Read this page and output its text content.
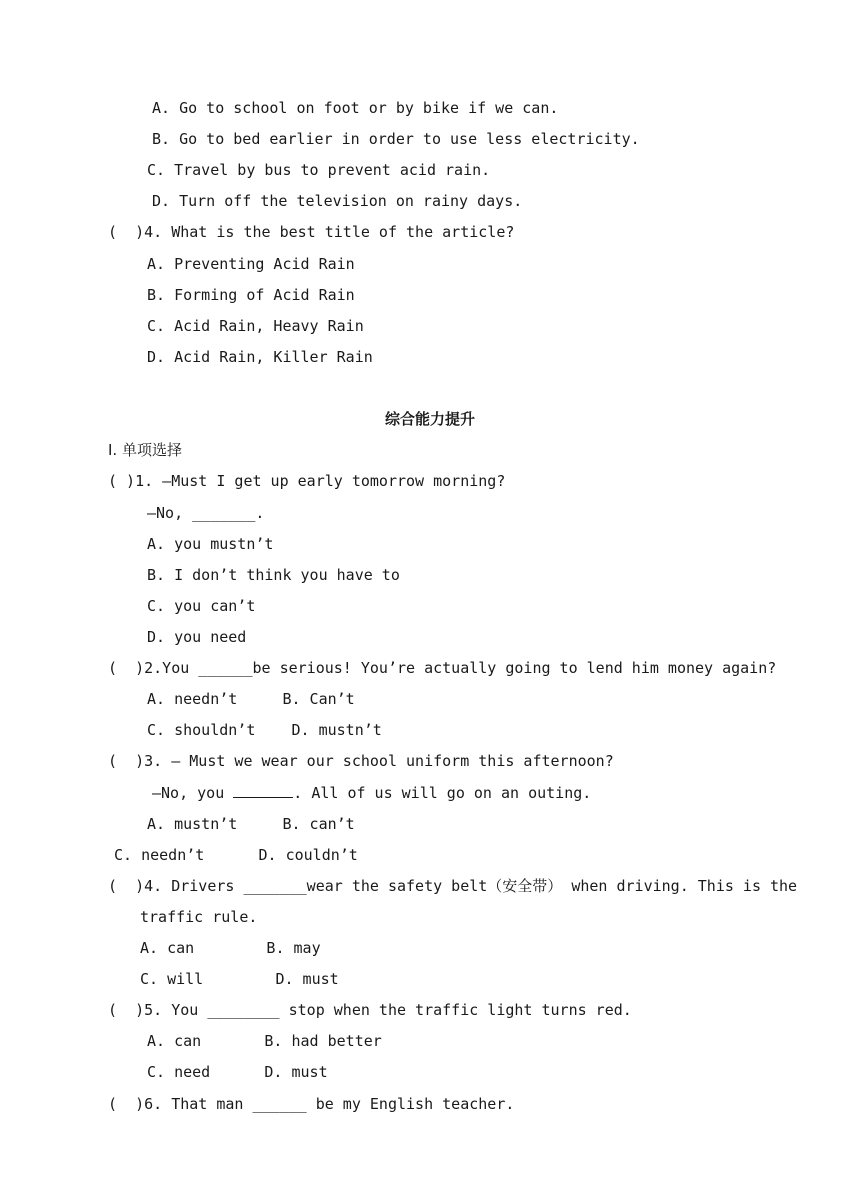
A. Go to school on foot or by bike if we can.
B. Go to bed earlier in order to use less electricity.
C. Travel by bus to prevent acid rain.
D. Turn off the television on rainy days.
(  )4. What is the best title of the article?
A. Preventing Acid Rain
B. Forming of Acid Rain
C. Acid Rain, Heavy Rain
D. Acid Rain, Killer Rain
综合能力提升
Ⅰ. 单项选择
( )1. —Must I get up early tomorrow morning?
—No, _______.
A. you mustn’t
B. I don’t think you have to
C. you can’t
D. you need
(  )2.You ______be serious! You’re actually going to lend him money again?
A. needn’t     B. Can’t
C. shouldn’t    D. mustn’t
(  )3. — Must we wear our school uniform this afternoon?
—No, you	. All of us will go on an outing.
A. mustn’t     B. can’t
C. needn’t      D. couldn’t
(  )4. Drivers _______wear the safety belt（安全带） when driving. This is the
traffic rule.
A. can        B. may
C. will        D. must
(  )5. You ________ stop when the traffic light turns red.
A. can       B. had better
C. need      D. must
(  )6. That man ______ be my English teacher.
